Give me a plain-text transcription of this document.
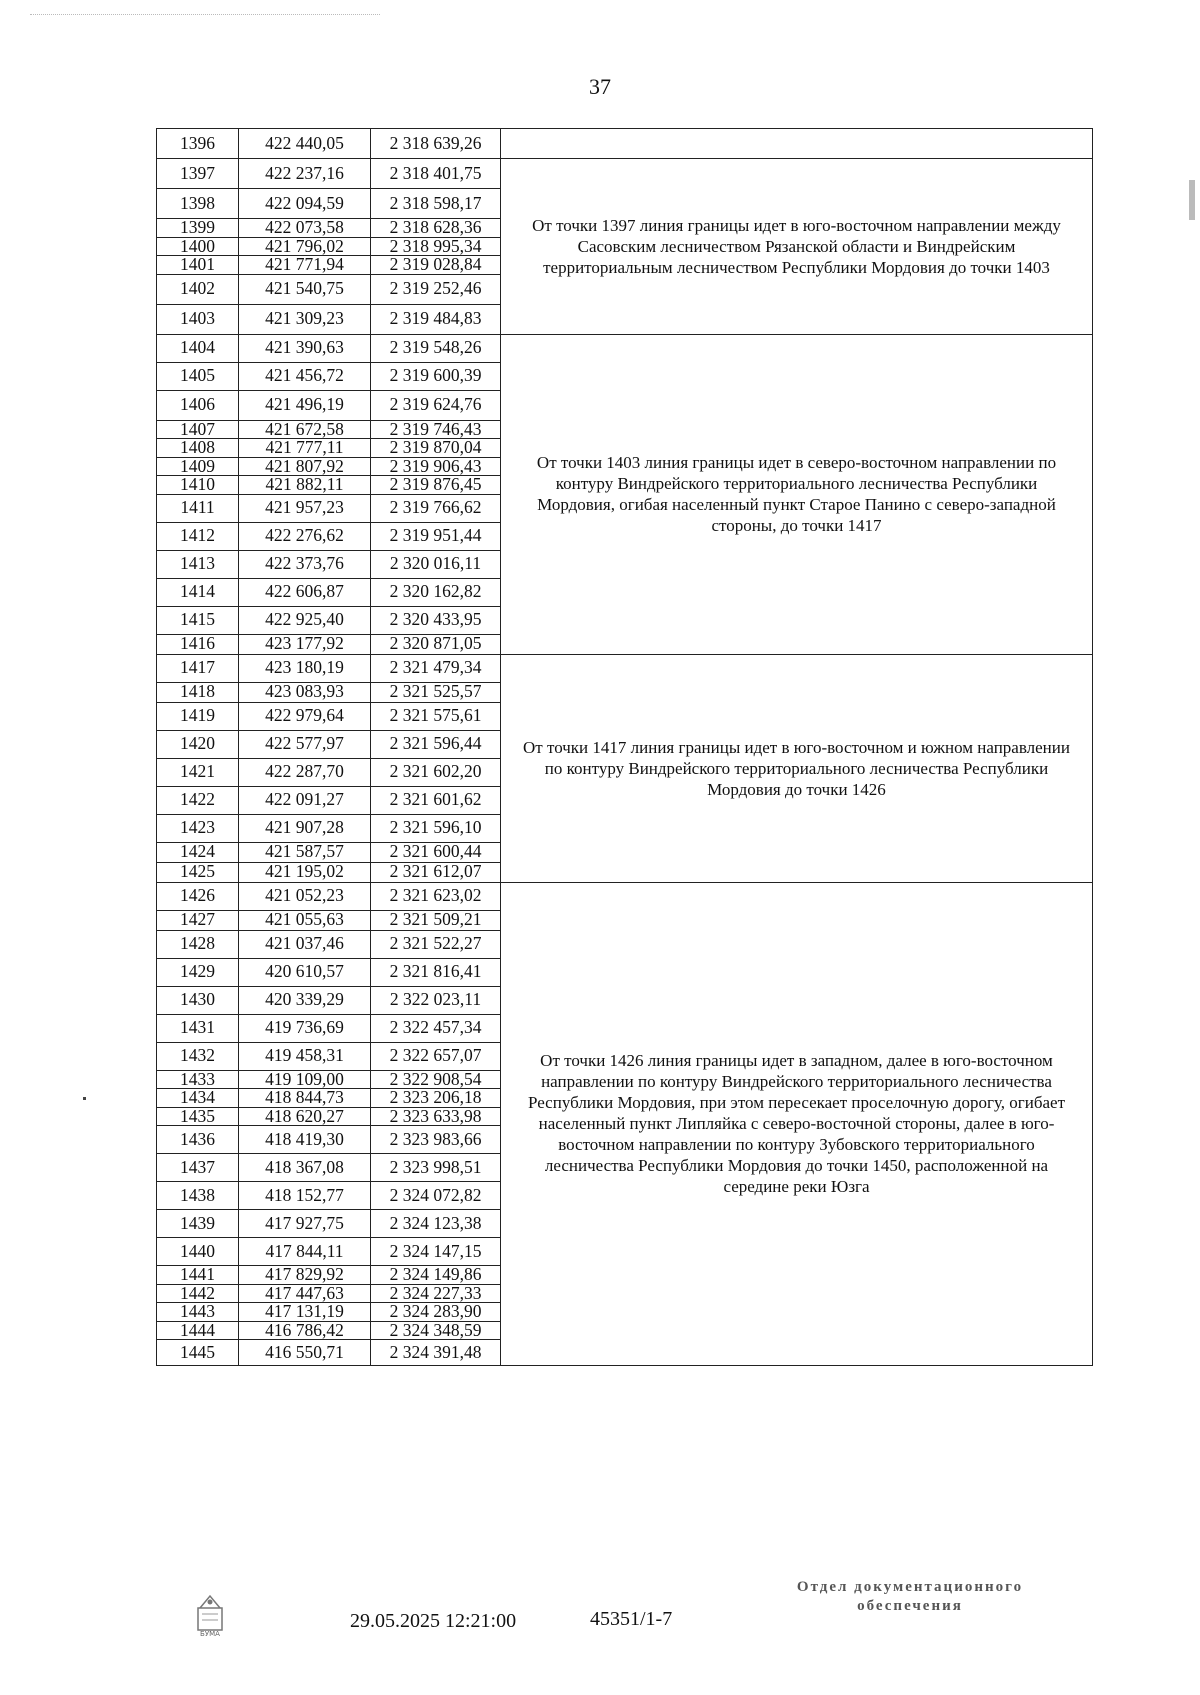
37
1396	422 440,05	2 318 639,26	
1397	422 237,16	2 318 401,75	От точки 1397 линия границы идет в юго-восточном направлении между Сасовским лесничеством Рязанской области и Виндрейским территориальным лесничеством Республики Мордовия до точки 1403
1398	422 094,59	2 318 598,17	
1399	422 073,58	2 318 628,36	
1400	421 796,02	2 318 995,34	
1401	421 771,94	2 319 028,84	
1402	421 540,75	2 319 252,46	
1403	421 309,23	2 319 484,83	
1404	421 390,63	2 319 548,26	От точки 1403 линия границы идет в северо-восточном направлении по контуру Виндрейского территориального лесничества Республики Мордовия, огибая населенный пункт Старое Панино с северо-западной стороны, до точки 1417
1405	421 456,72	2 319 600,39	
1406	421 496,19	2 319 624,76	
1407	421 672,58	2 319 746,43	
1408	421 777,11	2 319 870,04	
1409	421 807,92	2 319 906,43	
1410	421 882,11	2 319 876,45	
1411	421 957,23	2 319 766,62	
1412	422 276,62	2 319 951,44	
1413	422 373,76	2 320 016,11	
1414	422 606,87	2 320 162,82	
1415	422 925,40	2 320 433,95	
1416	423 177,92	2 320 871,05	
1417	423 180,19	2 321 479,34	От точки 1417 линия границы идет в юго-восточном и южном направлении по контуру Виндрейского территориального лесничества Республики Мордовия до точки 1426
1418	423 083,93	2 321 525,57	
1419	422 979,64	2 321 575,61	
1420	422 577,97	2 321 596,44	
1421	422 287,70	2 321 602,20	
1422	422 091,27	2 321 601,62	
1423	421 907,28	2 321 596,10	
1424	421 587,57	2 321 600,44	
1425	421 195,02	2 321 612,07	
1426	421 052,23	2 321 623,02	От точки 1426 линия границы идет в западном, далее в юго-восточном направлении по контуру Виндрейского территориального лесничества Республики Мордовия, при этом пересекает проселочную дорогу, огибает населенный пункт Липляйка с северо-восточной стороны, далее в юго-восточном направлении по контуру Зубовского территориального лесничества Республики Мордовия до точки 1450, расположенной на середине реки Юзга
1427	421 055,63	2 321 509,21	
1428	421 037,46	2 321 522,27	
1429	420 610,57	2 321 816,41	
1430	420 339,29	2 322 023,11	
1431	419 736,69	2 322 457,34	
1432	419 458,31	2 322 657,07	
1433	419 109,00	2 322 908,54	
1434	418 844,73	2 323 206,18	
1435	418 620,27	2 323 633,98	
1436	418 419,30	2 323 983,66	
1437	418 367,08	2 323 998,51	
1438	418 152,77	2 324 072,82	
1439	417 927,75	2 324 123,38	
1440	417 844,11	2 324 147,15	
1441	417 829,92	2 324 149,86	
1442	417 447,63	2 324 227,33	
1443	417 131,19	2 324 283,90	
1444	416 786,42	2 324 348,59	
1445	416 550,71	2 324 391,48	
БУМА
29.05.2025 12:21:00	45351/1-7
Отдел документационного
обеспечения
